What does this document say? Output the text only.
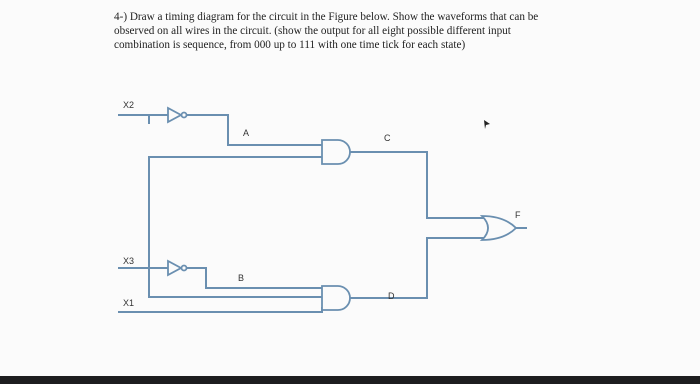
4-) Draw a timing diagram for the circuit in the Figure below. Show the waveforms that can be
observed on all wires in the circuit. (show the output for all eight possible different input
combination is sequence, from 000 up to 111 with one time tick for each state)
X2
X3
X1
A
B
C
D
F
